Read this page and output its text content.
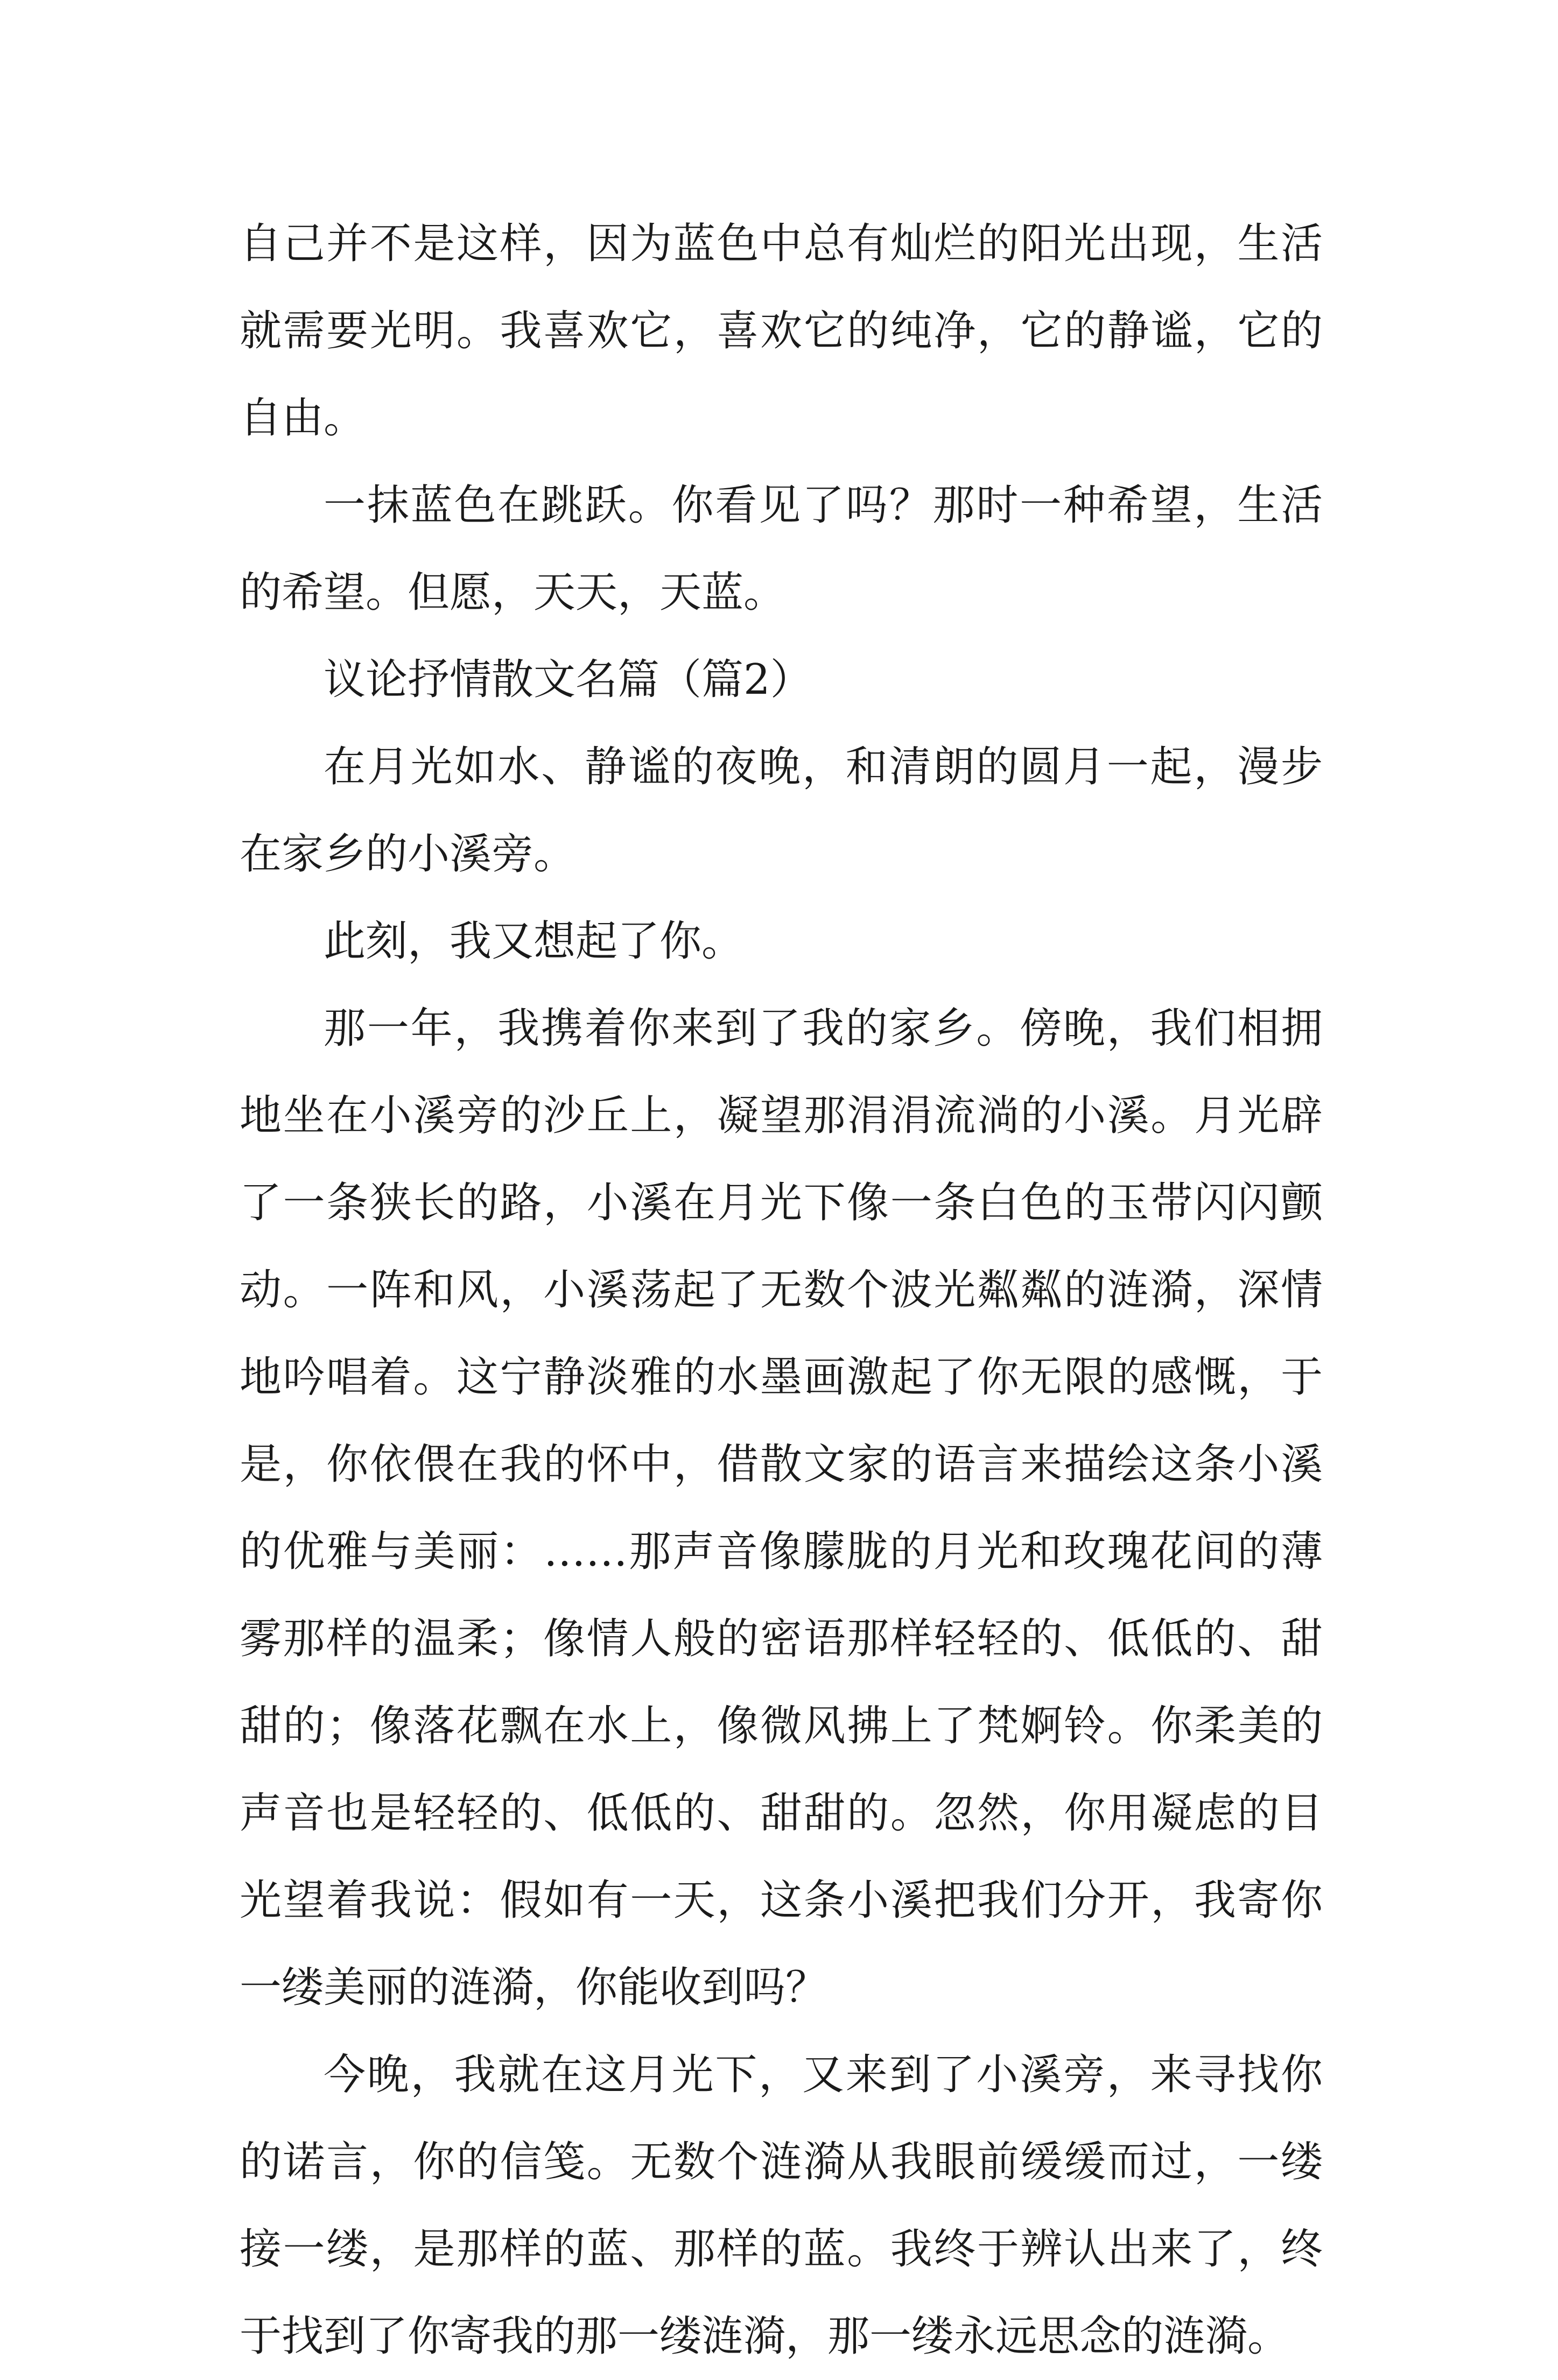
自己并不是这样，因为蓝色中总有灿烂的阳光出现，生活就需要光明。我喜欢它，喜欢它的纯净，它的静谧，它的自由。

一抹蓝色在跳跃。你看见了吗？那时一种希望，生活的希望。但愿，天天，天蓝。

议论抒情散文名篇（篇2）

在月光如水、静谧的夜晚，和清朗的圆月一起，漫步在家乡的小溪旁。

此刻，我又想起了你。

那一年，我携着你来到了我的家乡。傍晚，我们相拥地坐在小溪旁的沙丘上，凝望那涓涓流淌的小溪。月光辟了一条狭长的路，小溪在月光下像一条白色的玉带闪闪颤动。一阵和风，小溪荡起了无数个波光粼粼的涟漪，深情地吟唱着。这宁静淡雅的水墨画激起了你无限的感慨，于是，你依偎在我的怀中，借散文家的语言来描绘这条小溪的优雅与美丽：……那声音像朦胧的月光和玫瑰花间的薄雾那样的温柔；像情人般的密语那样轻轻的、低低的、甜甜的；像落花飘在水上，像微风拂上了梵婀铃。你柔美的声音也是轻轻的、低低的、甜甜的。忽然，你用凝虑的目光望着我说：假如有一天，这条小溪把我们分开，我寄你一缕美丽的涟漪，你能收到吗？

今晚，我就在这月光下，又来到了小溪旁，来寻找你的诺言，你的信笺。无数个涟漪从我眼前缓缓而过，一缕接一缕，是那样的蓝、那样的蓝。我终于辨认出来了，终于找到了你寄我的那一缕涟漪，那一缕永远思念的涟漪。
